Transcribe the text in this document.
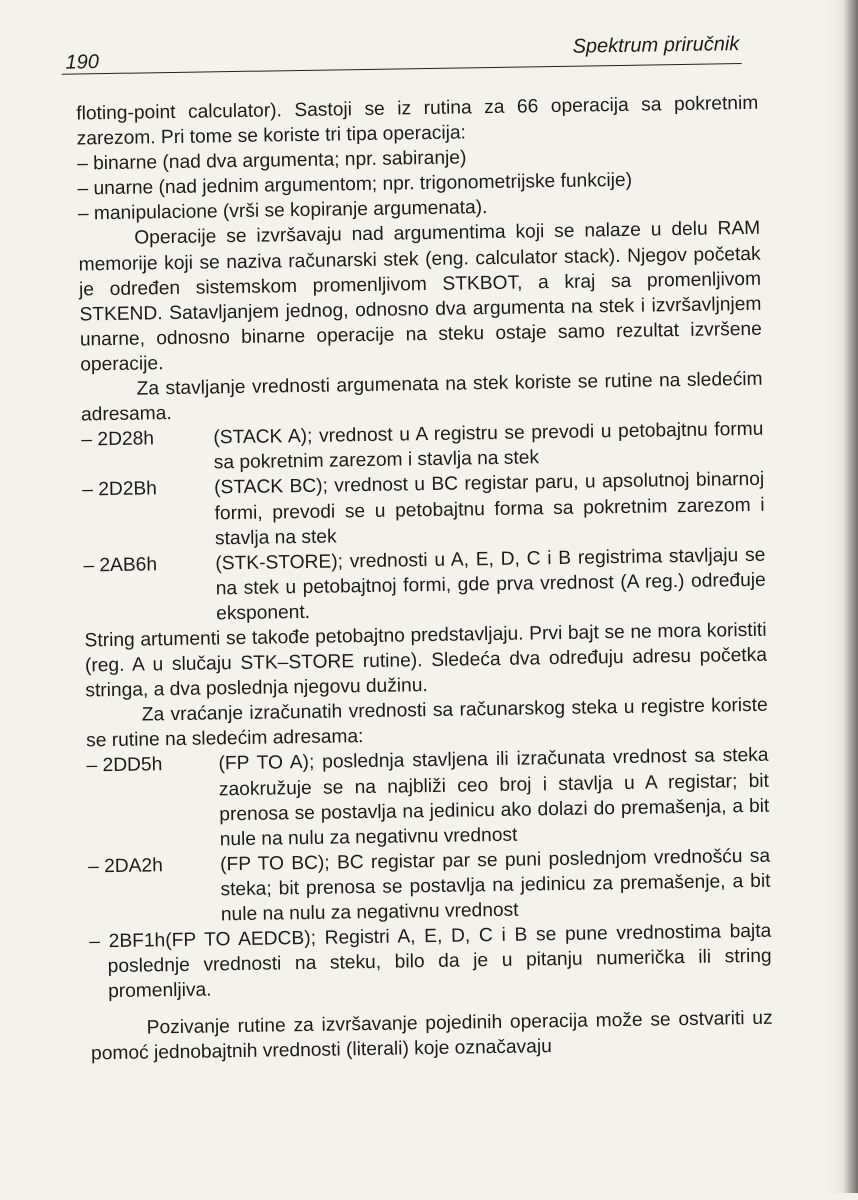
190
Spektrum priručnik

floting-point calculator). Sastoji se iz rutina za 66 operacija sa pokretnim zarezom. Pri tome se koriste tri tipa operacija:

– binarne (nad dva argumenta; npr. sabiranje)

– unarne (nad jednim argumentom; npr. trigonometrijske funkcije)

– manipulacione (vrši se kopiranje argumenata).

Operacije se izvršavaju nad argumentima koji se nalaze u delu RAM memorije koji se naziva računarski stek (eng. calculator stack). Njegov početak je određen sistemskom promenljivom STKBOT, a kraj sa promenljivom STKEND. Satavljanjem jednog, odnosno dva argumenta na stek i izvršavljnjem unarne, odnosno binarne operacije na steku ostaje samo rezultat izvršene operacije.

Za stavljanje vrednosti argumenata na stek koriste se rutine na sledećim adresama.

– 2D28h	(STACK A); vrednost u A registru se prevodi u petobajtnu formu sa pokretnim zarezom i stavlja na stek
– 2D2Bh	(STACK BC); vrednost u BC registar paru, u apsolutnoj binarnoj formi, prevodi se u petobajtnu forma sa pokretnim zarezom i stavlja na stek
– 2AB6h	(STK-STORE); vrednosti u A, E, D, C i B registrima stavljaju se na stek u petobajtnoj formi, gde prva vrednost (A reg.) određuje eksponent.

String artumenti se takođe petobajtno predstavljaju. Prvi bajt se ne mora koristiti (reg. A u slučaju STK–STORE rutine). Sledeća dva određuju adresu početka stringa, a dva poslednja njegovu dužinu.

Za vraćanje izračunatih vrednosti sa računarskog steka u registre koriste se rutine na sledećim adresama:

– 2DD5h	(FP TO A); poslednja stavljena ili izračunata vrednost sa steka zaokružuje se na najbliži ceo broj i stavlja u A registar; bit prenosa se postavlja na jedinicu ako dolazi do premašenja, a bit nule na nulu za negativnu vrednost
– 2DA2h	(FP TO BC); BC registar par se puni poslednjom vrednošću sa steka; bit prenosa se postavlja na jedinicu za premašenje, a bit nule na nulu za negativnu vrednost

– 2BF1h(FP TO AEDCB); Registri A, E, D, C i B se pune vrednostima bajta poslednje vrednosti na steku, bilo da je u pitanju numerička ili string promenljiva.

Pozivanje rutine za izvršavanje pojedinih operacija može se ostvariti uz pomoć jednobajtnih vrednosti (literali) koje označavaju
